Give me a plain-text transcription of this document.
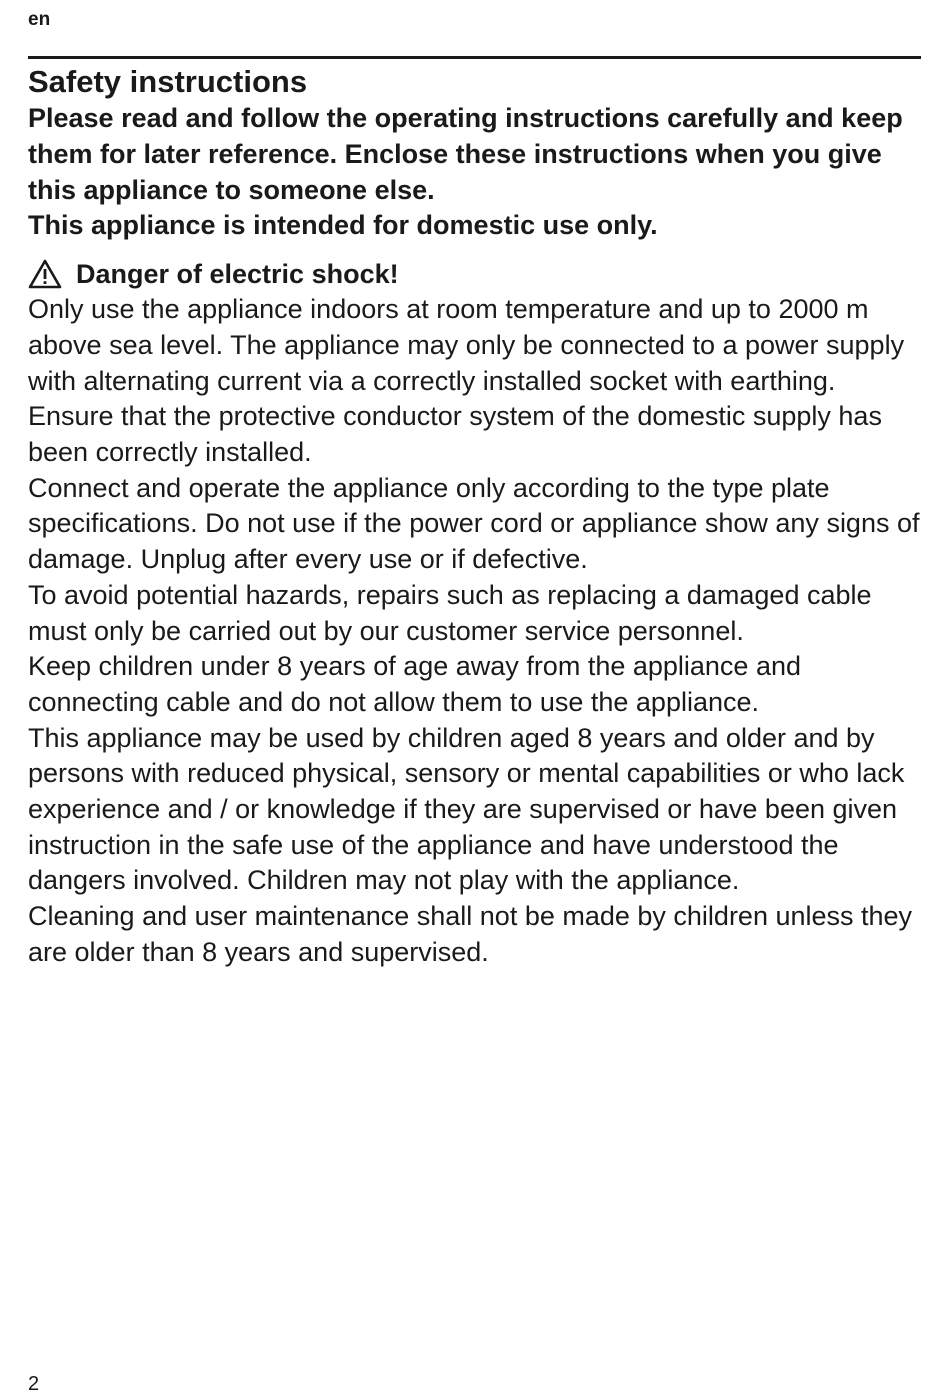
en
Safety instructions

Please read and follow the operating instructions carefully and keep them for later reference. Enclose these instructions when you give this appliance to someone else.

This appliance is intended for domestic use only.

Danger of electric shock!

Only use the appliance indoors at room temperature and up to 2000 m above sea level. The appliance may only be connected to a power supply with alternating current via a correctly installed socket with earthing. Ensure that the protective conductor system of the domestic supply has been correctly installed.

Connect and operate the appliance only according to the type plate specifications. Do not use if the power cord or appliance show any signs of damage. Unplug after every use or if defective.

To avoid potential hazards, repairs such as replacing a damaged cable must only be carried out by our customer service personnel.

Keep children under 8 years of age away from the appliance and connecting cable and do not allow them to use the appliance.

This appliance may be used by children aged 8 years and older and by persons with reduced physical, sensory or mental capabilities or who lack experience and / or knowledge if they are supervised or have been given instruction in the safe use of the appliance and have understood the dangers involved. Children may not play with the appliance.

Cleaning and user maintenance shall not be made by children unless they are older than 8 years and supervised.

2
